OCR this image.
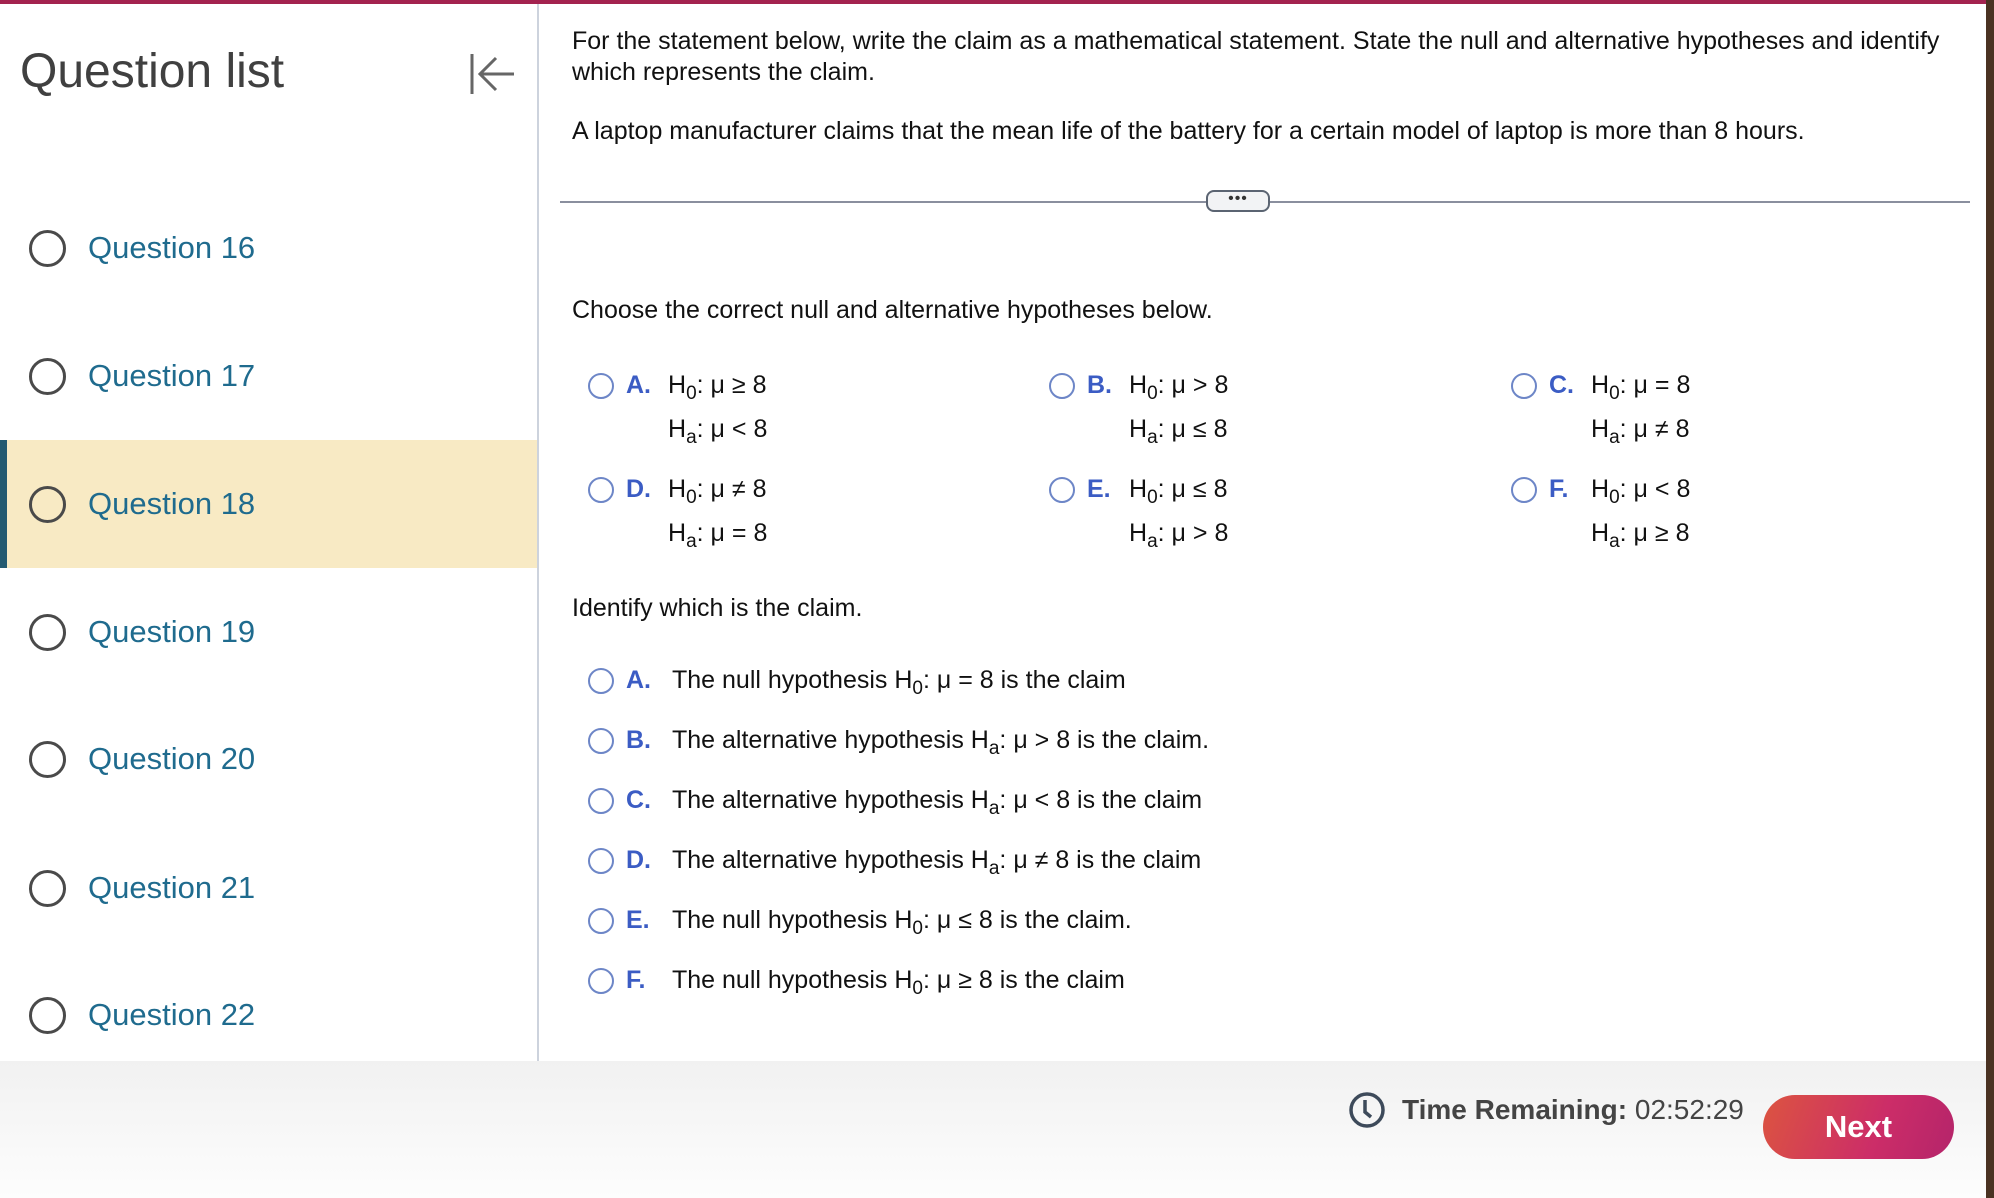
Question list
Question 16
Question 17
Question 18
Question 19
Question 20
Question 21
Question 22
For the statement below, write the claim as a mathematical statement. State the null and alternative hypotheses and identify which represents the claim.
A laptop manufacturer claims that the mean life of the battery for a certain model of laptop is more than 8 hours.
•••
Choose the correct null and alternative hypotheses below.
A. $H_0$: μ ≥ 8
$H_a$: μ < 8
B. $H_0$: μ > 8
$H_a$: μ ≤ 8
C. $H_0$: μ = 8
$H_a$: μ ≠ 8
D. $H_0$: μ ≠ 8
$H_a$: μ = 8
E. $H_0$: μ ≤ 8
$H_a$: μ > 8
F. $H_0$: μ < 8
$H_a$: μ ≥ 8
Identify which is the claim.
A. The null hypothesis $H_0$: μ = 8 is the claim
B. The alternative hypothesis $H_a$: μ > 8 is the claim.
C. The alternative hypothesis $H_a$: μ < 8 is the claim
D. The alternative hypothesis $H_a$: μ ≠ 8 is the claim
E. The null hypothesis $H_0$: μ ≤ 8 is the claim.
F.	The null hypothesis $H_0$: μ ≥ 8 is the claim
Time Remaining: 02:52:29	Next
